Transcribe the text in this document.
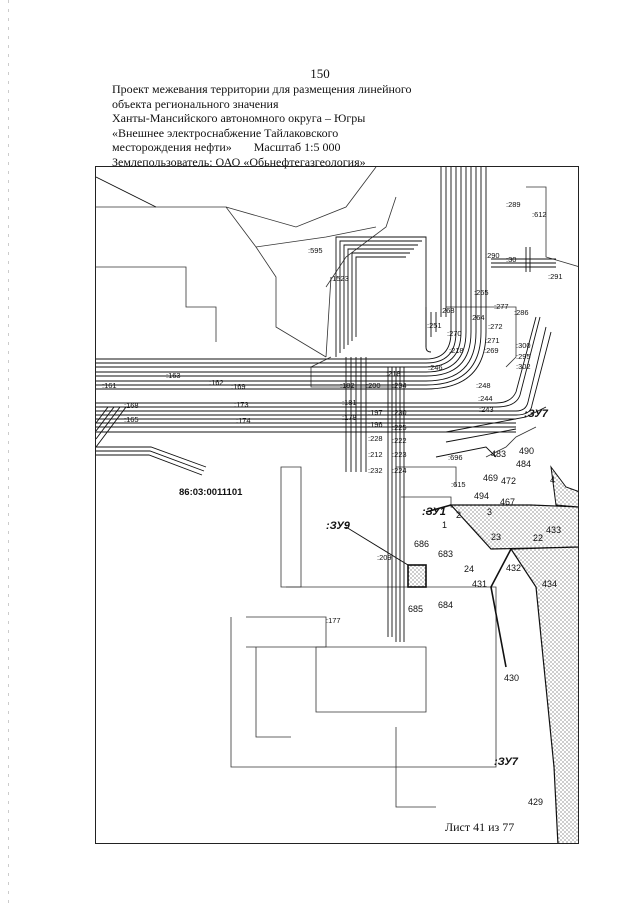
150
Проект межевания территории для размещения линейного
объекта регионального значения
Ханты-Мансийского автономного округа – Югры
«Внешнее электроснабжение Тайлаковского
месторождения нефти» Масштаб 1:5 000
Землепользователь: ОАО «Обьнефтегазгеология»
:595
:1523
:289
:612
:290 :30
:291
:265
:277
:286
:268
:264
:251	:272
:270
:271
:300
:269
:295
:218
:302
:246
:218
:163
:161	:162 :169	:182 :200 :234	:248
:244
:243
:168	:173
:174
:165
:181
:197 :230
:178
:196 :225
:228 :222
:212 :223
:232 :224
:696
:615
:209
:177
86:03:0011101
:ЗУ7
:ЗУ1
:ЗУ9
:ЗУ7
483 490
484
469 472
494
467
4
2
1
3
433
23	22
686
683
24	432
431	434
685 684
430
429
Лист 41 из 77
